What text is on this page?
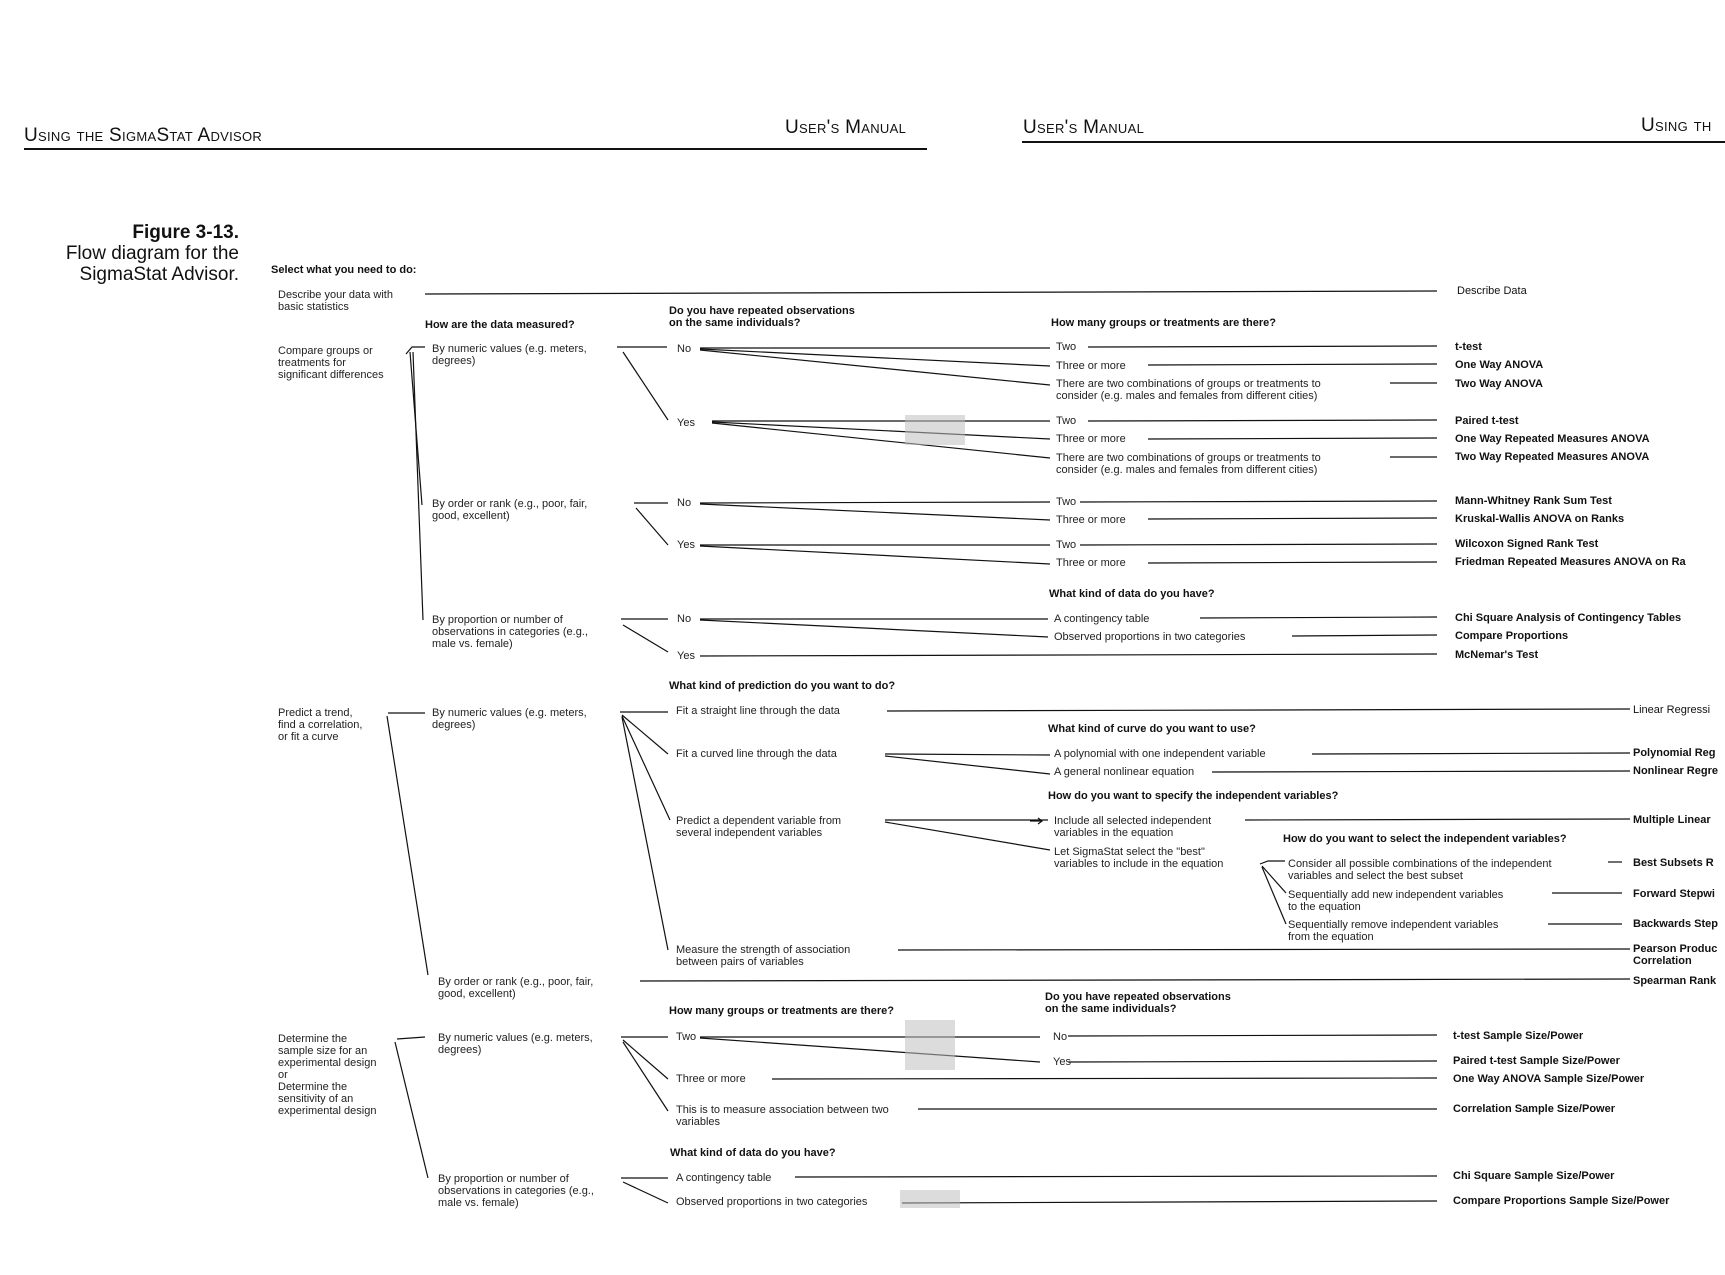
Using the SigmaStat Advisor	User's Manual	User's Manual	Using th
Figure 3-13.
Flow diagram for the
SigmaStat Advisor.	Select what you need to do:
Describe your data with
basic statistics
Compare groups or
treatments for
significant differences
Predict a trend,
find a correlation,
or fit a curve
Determine the
sample size for an
experimental design
or
Determine the
sensitivity of an
experimental design
How are the data measured?
Do you have repeated observations
on the same individuals?	How many groups or treatments are there?
What kind of data do you have?
What kind of prediction do you want to do?
What kind of curve do you want to use?
How do you want to specify the independent variables?
How do you want to select the independent variables?
How many groups or treatments are there?
Do you have repeated observations
on the same individuals?
What kind of data do you have?
By numeric values (e.g. meters,
degrees)
By order or rank (e.g., poor, fair,
good, excellent)
By proportion or number of
observations in categories (e.g.,
male vs. female)
By numeric values (e.g. meters,
degrees)
By order or rank (e.g., poor, fair,
good, excellent)
By numeric values (e.g. meters,
degrees)
By proportion or number of
observations in categories (e.g.,
male vs. female)
No
Yes
Two
Three or more
There are two combinations of groups or treatments to
consider (e.g. males and females from different cities)
Two
Three or more
There are two combinations of groups or treatments to
consider (e.g. males and females from different cities)
No
Yes
Two
Three or more
Two
Three or more
No
Yes
A contingency table
Observed proportions in two categories
Fit a straight line through the data
Fit a curved line through the data
Predict a dependent variable from
several independent variables
Measure the strength of association
between pairs of variables
A polynomial with one independent variable
A general nonlinear equation
Include all selected independent
variables in the equation
Let SigmaStat select the "best"
variables to include in the equation	Consider all possible combinations of the independent
variables and select the best subset
Sequentially add new independent variables
to the equation
Sequentially remove independent variables
from the equation
Two
Three or more
This is to measure association between two
variables
No
Yes
A contingency table
Observed proportions in two categories
Describe Data
t-test
One Way ANOVA
Two Way ANOVA
Paired t-test
One Way Repeated Measures ANOVA
Two Way Repeated Measures ANOVA
Mann-Whitney Rank Sum Test
Kruskal-Wallis ANOVA on Ranks
Wilcoxon Signed Rank Test
Friedman Repeated Measures ANOVA on Ra
Chi Square Analysis of Contingency Tables
Compare Proportions
McNemar's Test
Linear Regressi
Polynomial Reg
Nonlinear Regre
Multiple Linear
Best Subsets R
Forward Stepwi
Backwards Step
Pearson Produc
Correlation
Spearman Rank
t-test Sample Size/Power
Paired t-test Sample Size/Power
One Way ANOVA Sample Size/Power
Correlation Sample Size/Power
Chi Square Sample Size/Power
Compare Proportions Sample Size/Power
